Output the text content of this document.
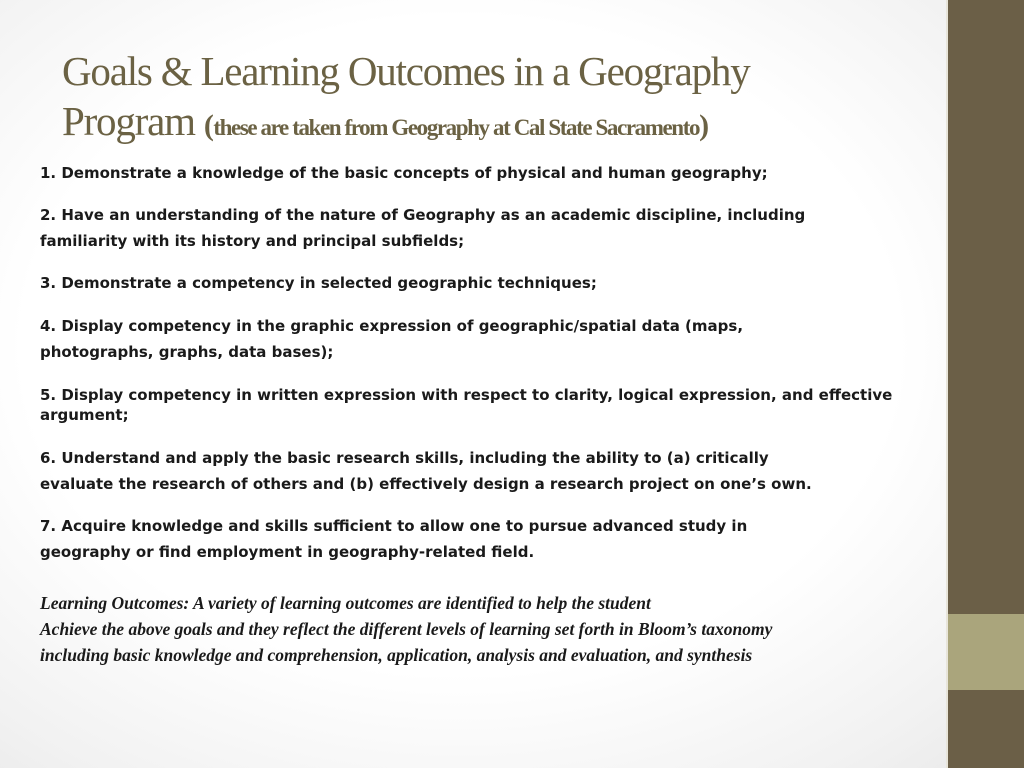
Goals & Learning Outcomes in a Geography
Program (these are taken from Geography at Cal State Sacramento)
1. Demonstrate a knowledge of the basic concepts of physical and human geography;
2. Have an understanding of the nature of Geography as an academic discipline, including
familiarity with its history and principal subfields;
3. Demonstrate a competency in selected geographic techniques;
4. Display competency in the graphic expression of geographic/spatial data (maps,
photographs, graphs, data bases);
5. Display competency in written expression with respect to clarity, logical expression, and effective
argument;
6. Understand and apply the basic research skills, including the ability to (a) critically
evaluate the research of others and (b) effectively design a research project on one’s own.
7. Acquire knowledge and skills sufficient to allow one to pursue advanced study in
geography or find employment in geography-related field.
Learning Outcomes: A variety of learning outcomes are identified to help the student
Achieve the above goals and they reflect the different levels of learning set forth in Bloom’s taxonomy
including basic knowledge and comprehension, application, analysis and evaluation, and synthesis
